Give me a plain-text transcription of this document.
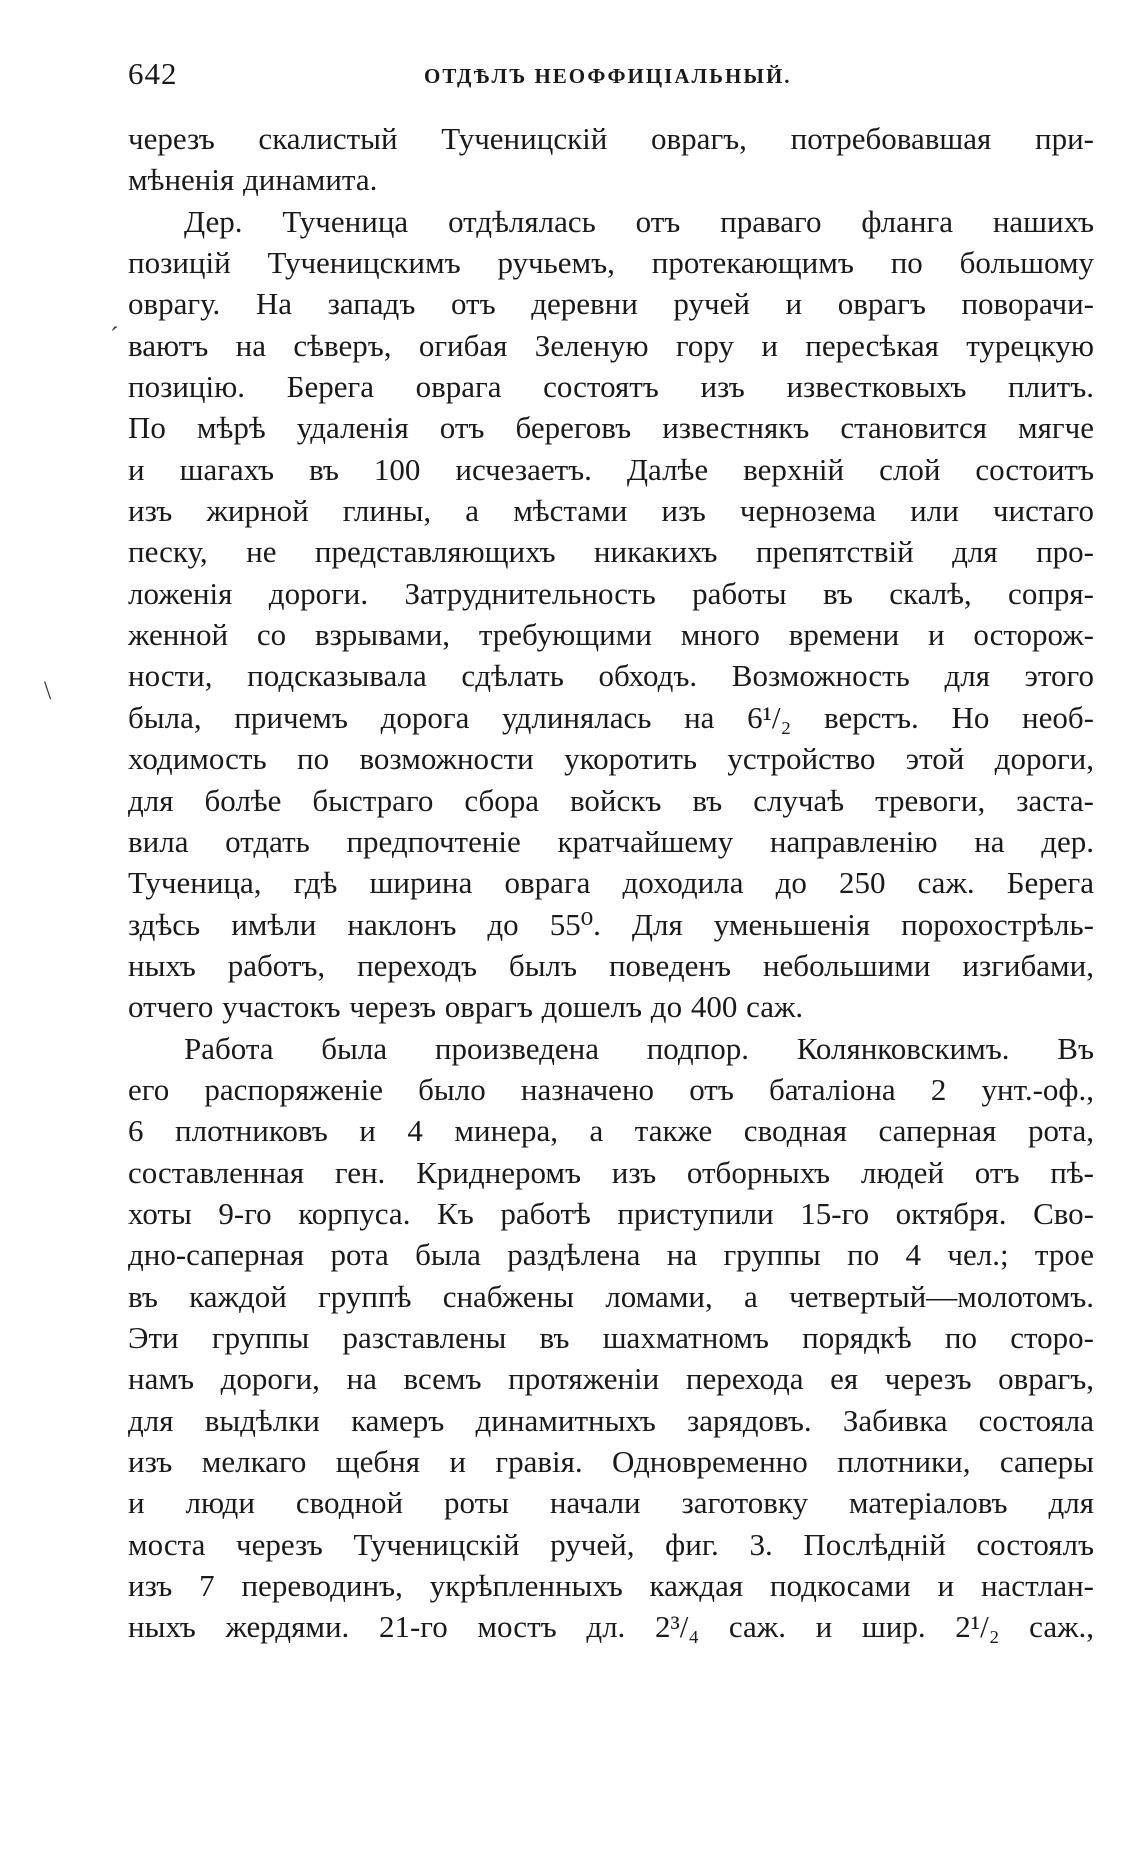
642	ОТДѢЛЪ НЕОФФИЦІАЛЬНЫЙ.
´
\
черезъ скалистый Тученицскій оврагъ, потребовавшая при-
мѣненія динамита.
Дер. Тученица отдѣлялась отъ праваго фланга нашихъ
позицій Тученицскимъ ручьемъ, протекающимъ по большому
оврагу. На западъ отъ деревни ручей и оврагъ поворачи-
ваютъ на сѣверъ, огибая Зеленую гору и пересѣкая турецкую
позицію. Берега оврага состоятъ изъ известковыхъ плитъ.
По мѣрѣ удаленія отъ береговъ известнякъ становится мягче
и шагахъ въ 100 исчезаетъ. Далѣе верхній слой состоитъ
изъ жирной глины, а мѣстами изъ чернозема или чистаго
песку, не представляющихъ никакихъ препятствій для про-
ложенія дороги. Затруднительность работы въ скалѣ, сопря-
женной со взрывами, требующими много времени и осторож-
ности, подсказывала сдѣлать обходъ. Возможность для этого
была, причемъ дорога удлинялась на 6¹/₂ верстъ. Но необ-
ходимость по возможности укоротить устройство этой дороги,
для болѣе быстраго сбора войскъ въ случаѣ тревоги, заста-
вила отдать предпочтеніе кратчайшему направленію на дер.
Тученица, гдѣ ширина оврага доходила до 250 саж. Берега
здѣсь имѣли наклонъ до 55⁰. Для уменьшенія порохострѣль-
ныхъ работъ, переходъ былъ поведенъ небольшими изгибами,
отчего участокъ черезъ оврагъ дошелъ до 400 саж.
Работа была произведена подпор. Колянковскимъ. Въ
его распоряженіе было назначено отъ баталіона 2 унт.-оф.,
6 плотниковъ и 4 минера, а также сводная саперная рота,
составленная ген. Криднеромъ изъ отборныхъ людей отъ пѣ-
хоты 9-го корпуса. Къ работѣ приступили 15-го октября. Сво-
дно-саперная рота была раздѣлена на группы по 4 чел.; трое
въ каждой группѣ снабжены ломами, а четвертый—молотомъ.
Эти группы разставлены въ шахматномъ порядкѣ по сторо-
намъ дороги, на всемъ протяженіи перехода ея черезъ оврагъ,
для выдѣлки камеръ динамитныхъ зарядовъ. Забивка состояла
изъ мелкаго щебня и гравія. Одновременно плотники, саперы
и люди сводной роты начали заготовку матеріаловъ для
моста черезъ Тученицскій ручей, фиг. 3. Послѣдній состоялъ
изъ 7 переводинъ, укрѣпленныхъ каждая подкосами и настлан-
ныхъ жердями. 21-го мостъ дл. 2³/₄ саж. и шир. 2¹/₂ саж.,
